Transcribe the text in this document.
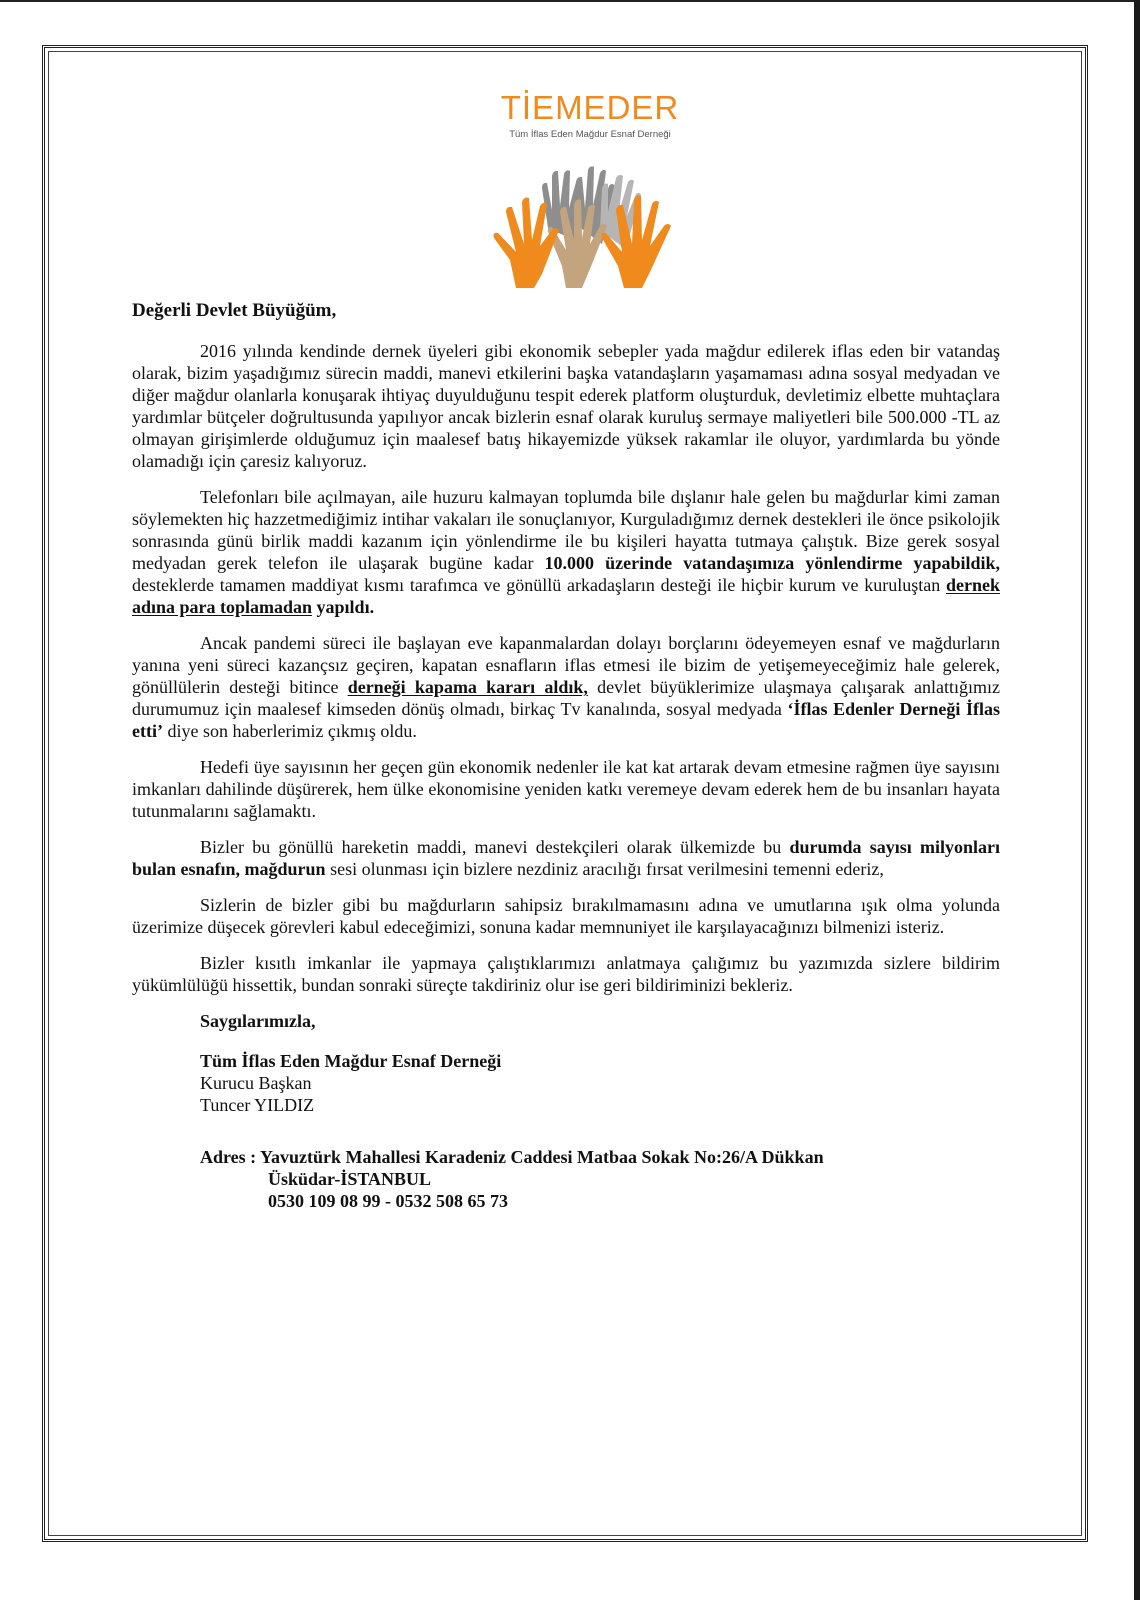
TİEMEDER
Tüm İflas Eden Mağdur Esnaf Derneği

Değerli Devlet Büyüğüm,

2016 yılında kendinde dernek üyeleri gibi ekonomik sebepler yada mağdur edilerek iflas eden bir vatandaş olarak, bizim yaşadığımız sürecin maddi, manevi etkilerini başka vatandaşların yaşamaması adına sosyal medyadan ve diğer mağdur olanlarla konuşarak ihtiyaç duyulduğunu tespit ederek platform oluşturduk, devletimiz elbette muhtaçlara yardımlar bütçeler doğrultusunda yapılıyor ancak bizlerin esnaf olarak kuruluş sermaye maliyetleri bile 500.000 -TL az olmayan girişimlerde olduğumuz için maalesef batış hikayemizde yüksek rakamlar ile oluyor, yardımlarda bu yönde olamadığı için çaresiz kalıyoruz.

Telefonları bile açılmayan, aile huzuru kalmayan toplumda bile dışlanır hale gelen bu mağdurlar kimi zaman söylemekten hiç hazzetmediğimiz intihar vakaları ile sonuçlanıyor, Kurguladığımız dernek destekleri ile önce psikolojik sonrasında günü birlik maddi kazanım için yönlendirme ile bu kişileri hayatta tutmaya çalıştık. Bize gerek sosyal medyadan gerek telefon ile ulaşarak bugüne kadar 10.000 üzerinde vatandaşımıza yönlendirme yapabildik, desteklerde tamamen maddiyat kısmı tarafımca ve gönüllü arkadaşların desteği ile hiçbir kurum ve kuruluştan dernek adına para toplamadan yapıldı.

Ancak pandemi süreci ile başlayan eve kapanmalardan dolayı borçlarını ödeyemeyen esnaf ve mağdurların yanına yeni süreci kazançsız geçiren, kapatan esnafların iflas etmesi ile bizim de yetişemeyeceğimiz hale gelerek, gönüllülerin desteği bitince derneği kapama kararı aldık, devlet büyüklerimize ulaşmaya çalışarak anlattığımız durumumuz için maalesef kimseden dönüş olmadı, birkaç Tv kanalında, sosyal medyada ‘İflas Edenler Derneği İflas etti’ diye son haberlerimiz çıkmış oldu.

Hedefi üye sayısının her geçen gün ekonomik nedenler ile kat kat artarak devam etmesine rağmen üye sayısını imkanları dahilinde düşürerek, hem ülke ekonomisine yeniden katkı veremeye devam ederek hem de bu insanları hayata tutunmalarını sağlamaktı.

Bizler bu gönüllü hareketin maddi, manevi destekçileri olarak ülkemizde bu durumda sayısı milyonları bulan esnafın, mağdurun sesi olunması için bizlere nezdiniz aracılığı fırsat verilmesini temenni ederiz,

Sizlerin de bizler gibi bu mağdurların sahipsiz bırakılmamasını adına ve umutlarına ışık olma yolunda üzerimize düşecek görevleri kabul edeceğimizi, sonuna kadar memnuniyet ile karşılayacağınızı bilmenizi isteriz.

Bizler kısıtlı imkanlar ile yapmaya çalıştıklarımızı anlatmaya çalığımız bu yazımızda sizlere bildirim yükümlülüğü hissettik, bundan sonraki süreçte takdiriniz olur ise geri bildiriminizi bekleriz.

Saygılarımızla,

Tüm İflas Eden Mağdur Esnaf Derneği

Kurucu Başkan

Tuncer YILDIZ

Adres : Yavuztürk Mahallesi Karadeniz Caddesi Matbaa Sokak No:26/A Dükkan

Üsküdar-İSTANBUL

0530 109 08 99 - 0532 508 65 73
